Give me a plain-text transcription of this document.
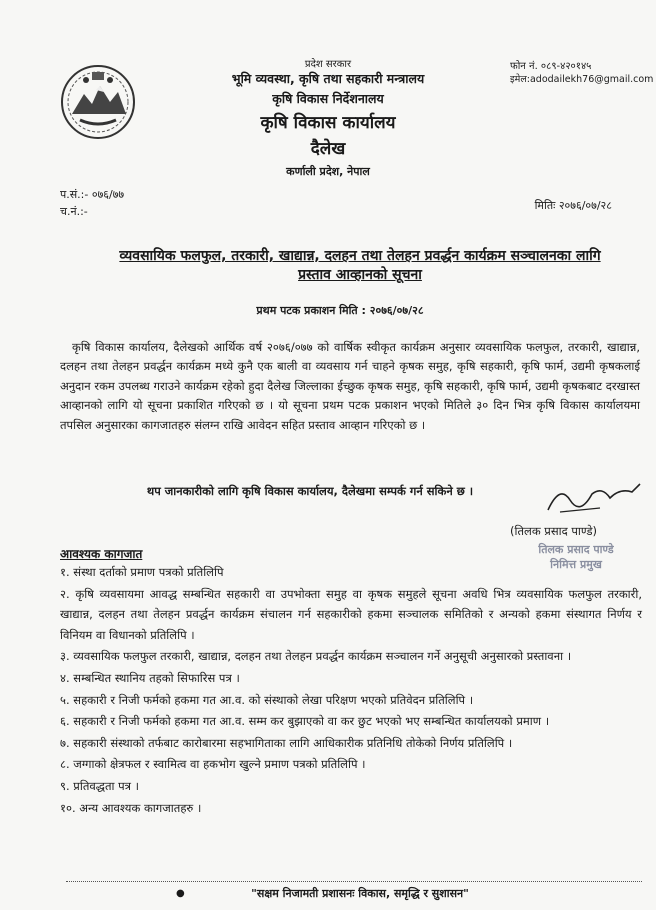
प्रदेश सरकार
भूमि व्यवस्था, कृषि तथा सहकारी मन्त्रालय
कृषि विकास निर्देशनालय
कृषि विकास कार्यालय
दैलेख
कर्णाली प्रदेश, नेपाल
फोन नं. ०८९-४२०१४५
इमेल:adodailekh76@gmail.com
प.सं.:- ०७६/७७
च.नं.:-	मितिः २०७६/०७/२८
व्यवसायिक फलफुल, तरकारी, खाद्यान्न, दलहन तथा तेलहन प्रवर्द्धन कार्यक्रम सञ्चालनका लागि
प्रस्ताव आव्हानको सूचना
प्रथम पटक प्रकाशन मिति : २०७६/०७/२८
कृषि विकास कार्यालय, दैलेखको आर्थिक वर्ष २०७६/०७७ को वार्षिक स्वीकृत कार्यक्रम अनुसार व्यवसायिक फलफुल, तरकारी, खाद्यान्न, दलहन तथा तेलहन प्रवर्द्धन कार्यक्रम मध्ये कुनै एक बाली वा व्यवसाय गर्न चाहने कृषक समुह, कृषि सहकारी, कृषि फार्म, उद्यमी कृषकलाई अनुदान रकम उपलब्ध गराउने कार्यक्रम रहेको हुदा दैलेख जिल्लाका ईच्छुक कृषक समुह, कृषि सहकारी, कृषि फार्म, उद्यमी कृषकबाट दरखास्त आव्हानको लागि यो सूचना प्रकाशित गरिएको छ । यो सूचना प्रथम पटक प्रकाशन भएको मितिले ३० दिन भित्र कृषि विकास कार्यालयमा तपसिल अनुसारका कागजातहरु संलग्न राखि आवेदन सहित प्रस्ताव आव्हान गरिएको छ ।
थप जानकारीको लागि कृषि विकास कार्यालय, दैलेखमा सम्पर्क गर्न सकिने छ ।
(तिलक प्रसाद पाण्डे)
तिलक प्रसाद पाण्डे
निमित्त प्रमुख
आवश्यक कागजात
१. संस्था दर्ताको प्रमाण पत्रको प्रतिलिपि
२. कृषि व्यवसायमा आवद्ध सम्बन्धित सहकारी वा उपभोक्ता समुह वा कृषक समुहले सूचना अवधि भित्र व्यवसायिक फलफुल तरकारी, खाद्यान्न, दलहन तथा तेलहन प्रवर्द्धन कार्यक्रम संचालन गर्न सहकारीको हकमा सञ्चालक समितिको र अन्यको हकमा संस्थागत निर्णय र विनियम वा विधानको प्रतिलिपि ।
३. व्यवसायिक फलफुल तरकारी, खाद्यान्न, दलहन तथा तेलहन प्रवर्द्धन कार्यक्रम सञ्चालन गर्ने अनुसूची अनुसारको प्रस्तावना ।
४. सम्बन्धित स्थानिय तहको सिफारिस पत्र ।
५. सहकारी र निजी फर्मको हकमा गत आ.व. को संस्थाको लेखा परिक्षण भएको प्रतिवेदन प्रतिलिपि ।
६. सहकारी र निजी फर्मको हकमा गत आ.व. सम्म कर बुझाएको वा कर छुट भएको भए सम्बन्धित कार्यालयको प्रमाण ।
७. सहकारी संस्थाको तर्फबाट कारोबारमा सहभागिताका लागि आधिकारीक प्रतिनिधि तोकेको निर्णय प्रतिलिपि ।
८. जग्गाको क्षेत्रफल र स्वामित्व वा हकभोग खुल्ने प्रमाण पत्रको प्रतिलिपि ।
९. प्रतिवद्धता पत्र ।
१०. अन्य आवश्यक कागजातहरु ।
●	"सक्षम निजामती प्रशासनः विकास, समृद्धि र सुशासन"
